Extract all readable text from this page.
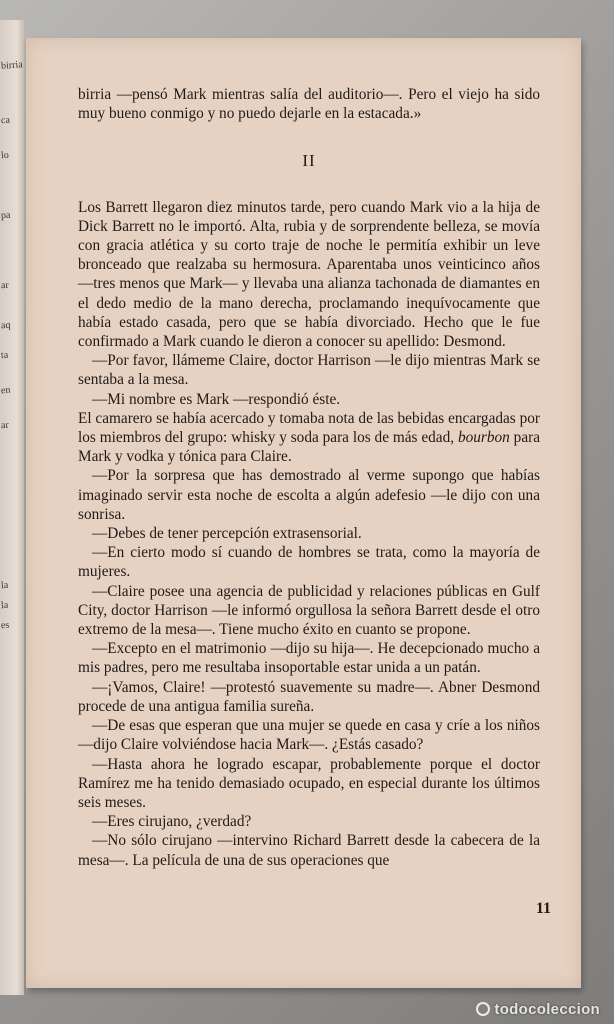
birria
ca
lo
pa
ar
aq
ta
en
ar
la
la
es

birria —pensó Mark mientras salía del auditorio—. Pero el viejo ha sido muy bueno conmigo y no puedo dejarle en la estacada.»

II

Los Barrett llegaron diez minutos tarde, pero cuando Mark vio a la hija de Dick Barrett no le importó. Alta, rubia y de sorprendente belleza, se movía con gracia atlética y su corto traje de noche le permitía exhibir un leve bronceado que realzaba su hermosura. Aparentaba unos veinticinco años —tres menos que Mark— y llevaba una alianza tachonada de diamantes en el dedo medio de la mano derecha, proclamando inequívocamente que había estado casada, pero que se había divorciado. Hecho que le fue confirmado a Mark cuando le dieron a conocer su apellido: Desmond.

—Por favor, llámeme Claire, doctor Harrison —le dijo mientras Mark se sentaba a la mesa.

—Mi nombre es Mark —respondió éste.

El camarero se había acercado y tomaba nota de las bebidas encargadas por los miembros del grupo: whisky y soda para los de más edad, bourbon para Mark y vodka y tónica para Claire.

—Por la sorpresa que has demostrado al verme supongo que habías imaginado servir esta noche de escolta a algún adefesio —le dijo con una sonrisa.

—Debes de tener percepción extrasensorial.

—En cierto modo sí cuando de hombres se trata, como la mayoría de mujeres.

—Claire posee una agencia de publicidad y relaciones públicas en Gulf City, doctor Harrison —le informó orgullosa la señora Barrett desde el otro extremo de la mesa—. Tiene mucho éxito en cuanto se propone.

—Excepto en el matrimonio —dijo su hija—. He decepcionado mucho a mis padres, pero me resultaba insoportable estar unida a un patán.

—¡Vamos, Claire! —protestó suavemente su madre—. Abner Desmond procede de una antigua familia sureña.

—De esas que esperan que una mujer se quede en casa y críe a los niños —dijo Claire volviéndose hacia Mark—. ¿Estás casado?

—Hasta ahora he logrado escapar, probablemente porque el doctor Ramírez me ha tenido demasiado ocupado, en especial durante los últimos seis meses.

—Eres cirujano, ¿verdad?

—No sólo cirujano —intervino Richard Barrett desde la cabecera de la mesa—. La película de una de sus operaciones que

11
todocoleccion
